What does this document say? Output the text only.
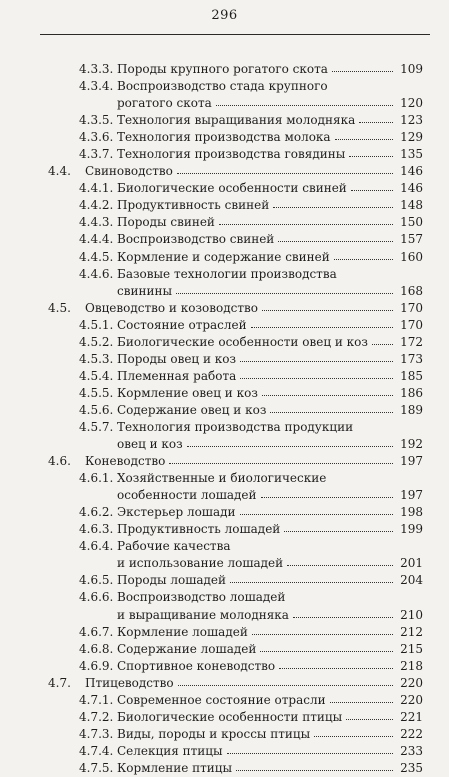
296
4.3.3. Породы крупного рогатого скота	109
4.3.4. Воспроизводство стада крупного
рогатого скота	120
4.3.5. Технология выращивания молодняка	123
4.3.6. Технология производства молока	129
4.3.7. Технология производства говядины	135
4.4. Свиноводство	146
4.4.1. Биологические особенности свиней	146
4.4.2. Продуктивность свиней	148
4.4.3. Породы свиней	150
4.4.4. Воспроизводство свиней	157
4.4.5. Кормление и содержание свиней	160
4.4.6. Базовые технологии производства
свинины	168
4.5. Овцеводство и козоводство	170
4.5.1. Состояние отраслей	170
4.5.2. Биологические особенности овец и коз	172
4.5.3. Породы овец и коз	173
4.5.4. Племенная работа	185
4.5.5. Кормление овец и коз	186
4.5.6. Содержание овец и коз	189
4.5.7. Технология производства продукции
овец и коз	192
4.6. Коневодство	197
4.6.1. Хозяйственные и биологические
особенности лошадей	197
4.6.2. Экстерьер лошади	198
4.6.3. Продуктивность лошадей	199
4.6.4. Рабочие качества
и использование лошадей	201
4.6.5. Породы лошадей	204
4.6.6. Воспроизводство лошадей
и выращивание молодняка	210
4.6.7. Кормление лошадей	212
4.6.8. Содержание лошадей	215
4.6.9. Спортивное коневодство	218
4.7. Птицеводство	220
4.7.1. Современное состояние отрасли	220
4.7.2. Биологические особенности птицы	221
4.7.3. Виды, породы и кроссы птицы	222
4.7.4. Селекция птицы	233
4.7.5. Кормление птицы	235
